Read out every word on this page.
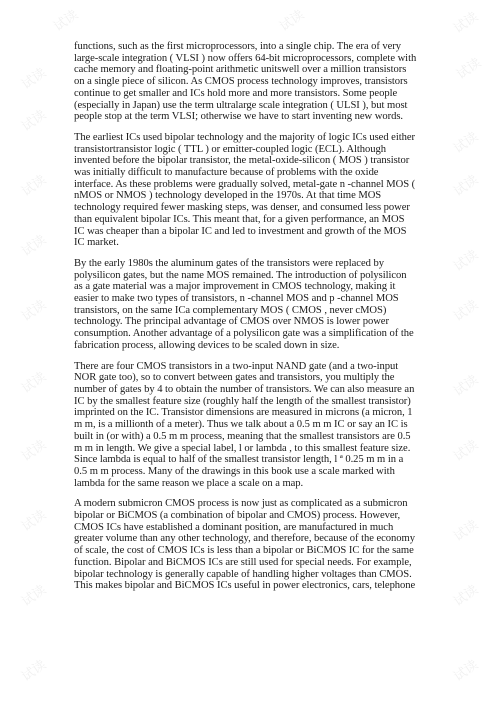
试读	试读	试读
试读	试读
试读
试读
试读	试读
试读
试读
试读	试读
试读	试读
试读	试读
试读	试读
试读	试读
试读	试读

functions, such as the first microprocessors, into a single chip. The era of very
large-scale integration ( VLSI ) now offers 64-bit microprocessors, complete with
cache memory and floating-point arithmetic unitswell over a million transistors
on a single piece of silicon. As CMOS process technology improves, transistors
continue to get smaller and ICs hold more and more transistors. Some people
(especially in Japan) use the term ultralarge scale integration ( ULSI ), but most
people stop at the term VLSI; otherwise we have to start inventing new words.

The earliest ICs used bipolar technology and the majority of logic ICs used either
transistortransistor logic ( TTL ) or emitter-coupled logic (ECL). Although
invented before the bipolar transistor, the metal-oxide-silicon ( MOS ) transistor
was initially difficult to manufacture because of problems with the oxide
interface. As these problems were gradually solved, metal-gate n -channel MOS (
nMOS or NMOS ) technology developed in the 1970s. At that time MOS
technology required fewer masking steps, was denser, and consumed less power
than equivalent bipolar ICs. This meant that, for a given performance, an MOS
IC was cheaper than a bipolar IC and led to investment and growth of the MOS
IC market.

By the early 1980s the aluminum gates of the transistors were replaced by
polysilicon gates, but the name MOS remained. The introduction of polysilicon
as a gate material was a major improvement in CMOS technology, making it
easier to make two types of transistors, n -channel MOS and p -channel MOS
transistors, on the same ICa complementary MOS ( CMOS , never cMOS)
technology. The principal advantage of CMOS over NMOS is lower power
consumption. Another advantage of a polysilicon gate was a simplification of the
fabrication process, allowing devices to be scaled down in size.

There are four CMOS transistors in a two-input NAND gate (and a two-input
NOR gate too), so to convert between gates and transistors, you multiply the
number of gates by 4 to obtain the number of transistors. We can also measure an
IC by the smallest feature size (roughly half the length of the smallest transistor)
imprinted on the IC. Transistor dimensions are measured in microns (a micron, 1
m m, is a millionth of a meter). Thus we talk about a 0.5 m m IC or say an IC is
built in (or with) a 0.5 m m process, meaning that the smallest transistors are 0.5
m m in length. We give a special label, l or lambda , to this smallest feature size.
Since lambda is equal to half of the smallest transistor length, l ª 0.25 m m in a
0.5 m m process. Many of the drawings in this book use a scale marked with
lambda for the same reason we place a scale on a map.

A modern submicron CMOS process is now just as complicated as a submicron
bipolar or BiCMOS (a combination of bipolar and CMOS) process. However,
CMOS ICs have established a dominant position, are manufactured in much
greater volume than any other technology, and therefore, because of the economy
of scale, the cost of CMOS ICs is less than a bipolar or BiCMOS IC for the same
function. Bipolar and BiCMOS ICs are still used for special needs. For example,
bipolar technology is generally capable of handling higher voltages than CMOS.
This makes bipolar and BiCMOS ICs useful in power electronics, cars, telephone
